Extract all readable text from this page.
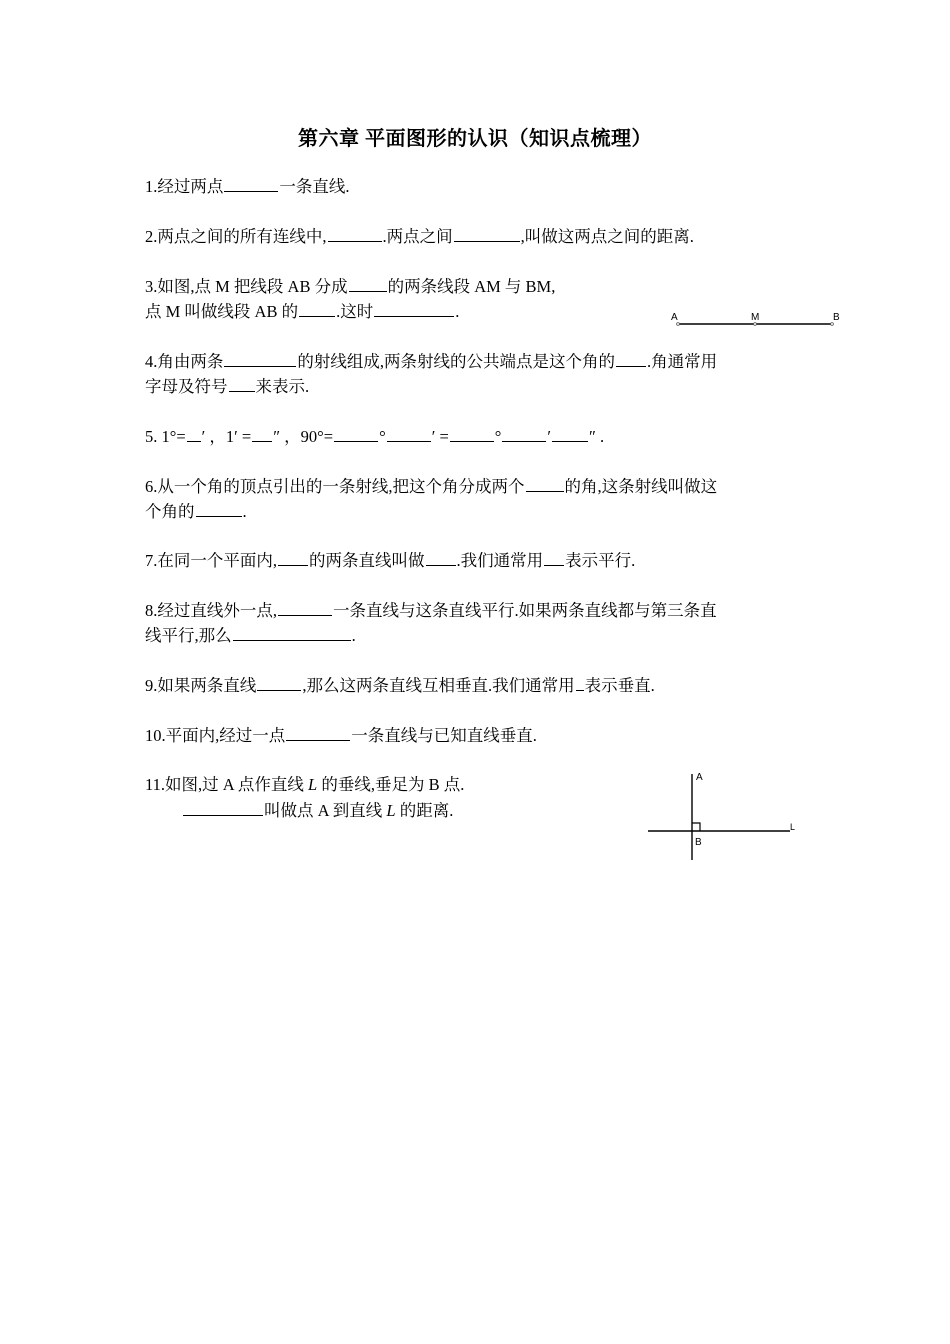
第六章 平面图形的认识（知识点梳理）
1.经过两点	一条直线.
2.两点之间的所有连线中,	.两点之间	,叫做这两点之间的距离.
3.如图,点 M 把线段 AB 分成 的两条线段 AM 与 BM,
点 M 叫做线段 AB 的 .这时	.	A	M	B
4.角由两条	的射线组成,两条射线的公共端点是这个角的 .角通常用
字母及符号 来表示.
5. 1°= ′ ，1′ = ″ ，90°=	°	′ =	°	′ ″ .
6.从一个角的顶点引出的一条射线,把这个角分成两个 的角,这条射线叫做这
个角的	.
7.在同一个平面内, 的两条直线叫做 .我们通常用 表示平行.
8.经过直线外一点,	一条直线与这条直线平行.如果两条直线都与第三条直
线平行,那么	.
9.如果两条直线	,那么这两条直线互相垂直.我们通常用 表示垂直.
10.平面内,经过一点	一条直线与已知直线垂直.
11.如图,过 A 点作直线 L 的垂线,垂足为 B 点.
叫做点 A 到直线 L 的距离.
A
B
L
